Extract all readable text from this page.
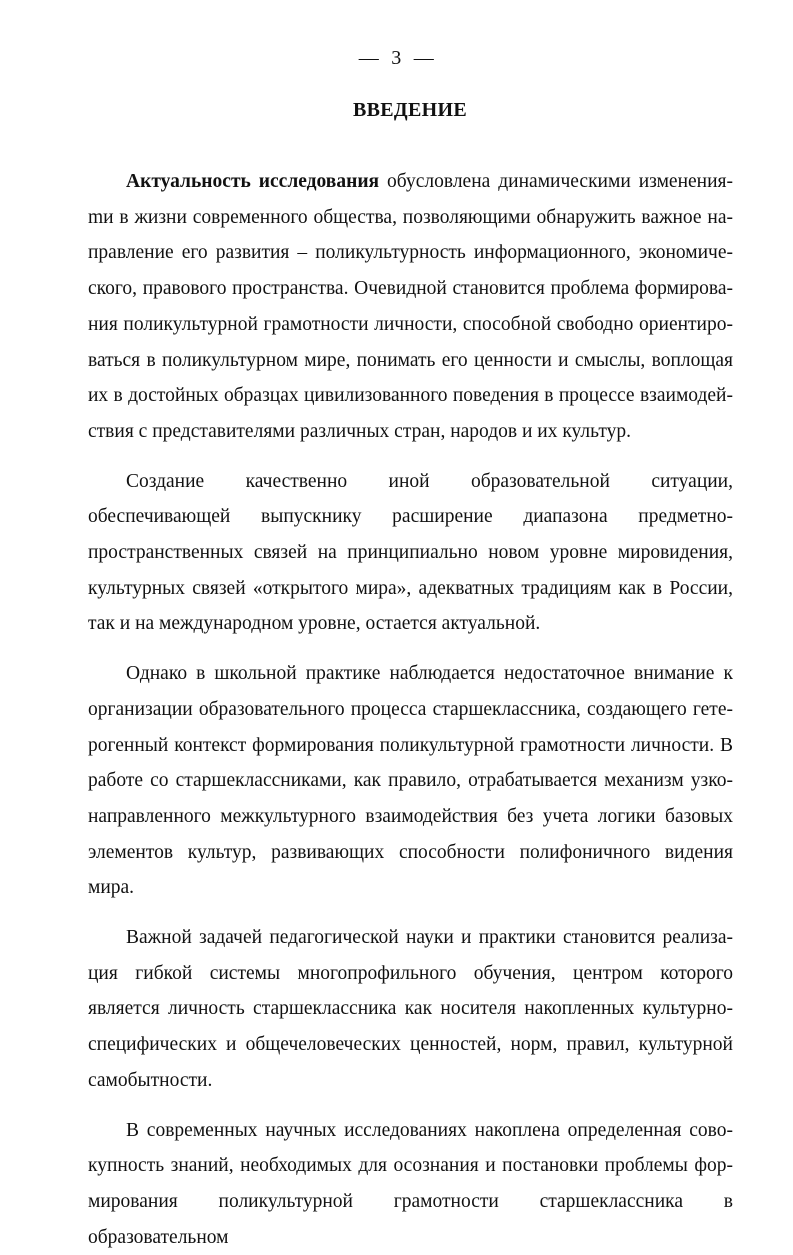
— 3 —
ВВЕДЕНИЕ

Актуальность исследования обусловлена динамическими измененияmи в жизни современного общества, позволяющими обнаружить важное направление его развития – поликультурность информационного, экономического, правового пространства. Очевидной становится проблема формирования поликультурной грамотности личности, способной свободно ориентироваться в поликультурном мире, понимать его ценности и смыслы, воплощая их в достойных образцах цивилизованного поведения в процессе взаимодействия с представителями различных стран, народов и их культур.

Создание качественно иной образовательной ситуации, обеспечивающей выпускнику расширение диапазона предметно-пространственных связей на принципиально новом уровне мировидения, культурных связей «открытого мира», адекватных традициям как в России, так и на международном уровне, остается актуальной.

Однако в школьной практике наблюдается недостаточное внимание к организации образовательного процесса старшеклассника, создающего гетерогенный контекст формирования поликультурной грамотности личности. В работе со старшеклассниками, как правило, отрабатывается механизм узконаправленного межкультурного взаимодействия без учета логики базовых элементов культур, развивающих способности полифоничного видения мира.

Важной задачей педагогической науки и практики становится реализация гибкой системы многопрофильного обучения, центром которого является личность старшеклассника как носителя накопленных культурно-специфических и общечеловеческих ценностей, норм, правил, культурной самобытности.

В современных научных исследованиях накоплена определенная совокупность знаний, необходимых для осознания и постановки проблемы формирования поликультурной грамотности старшеклассника в образовательном
